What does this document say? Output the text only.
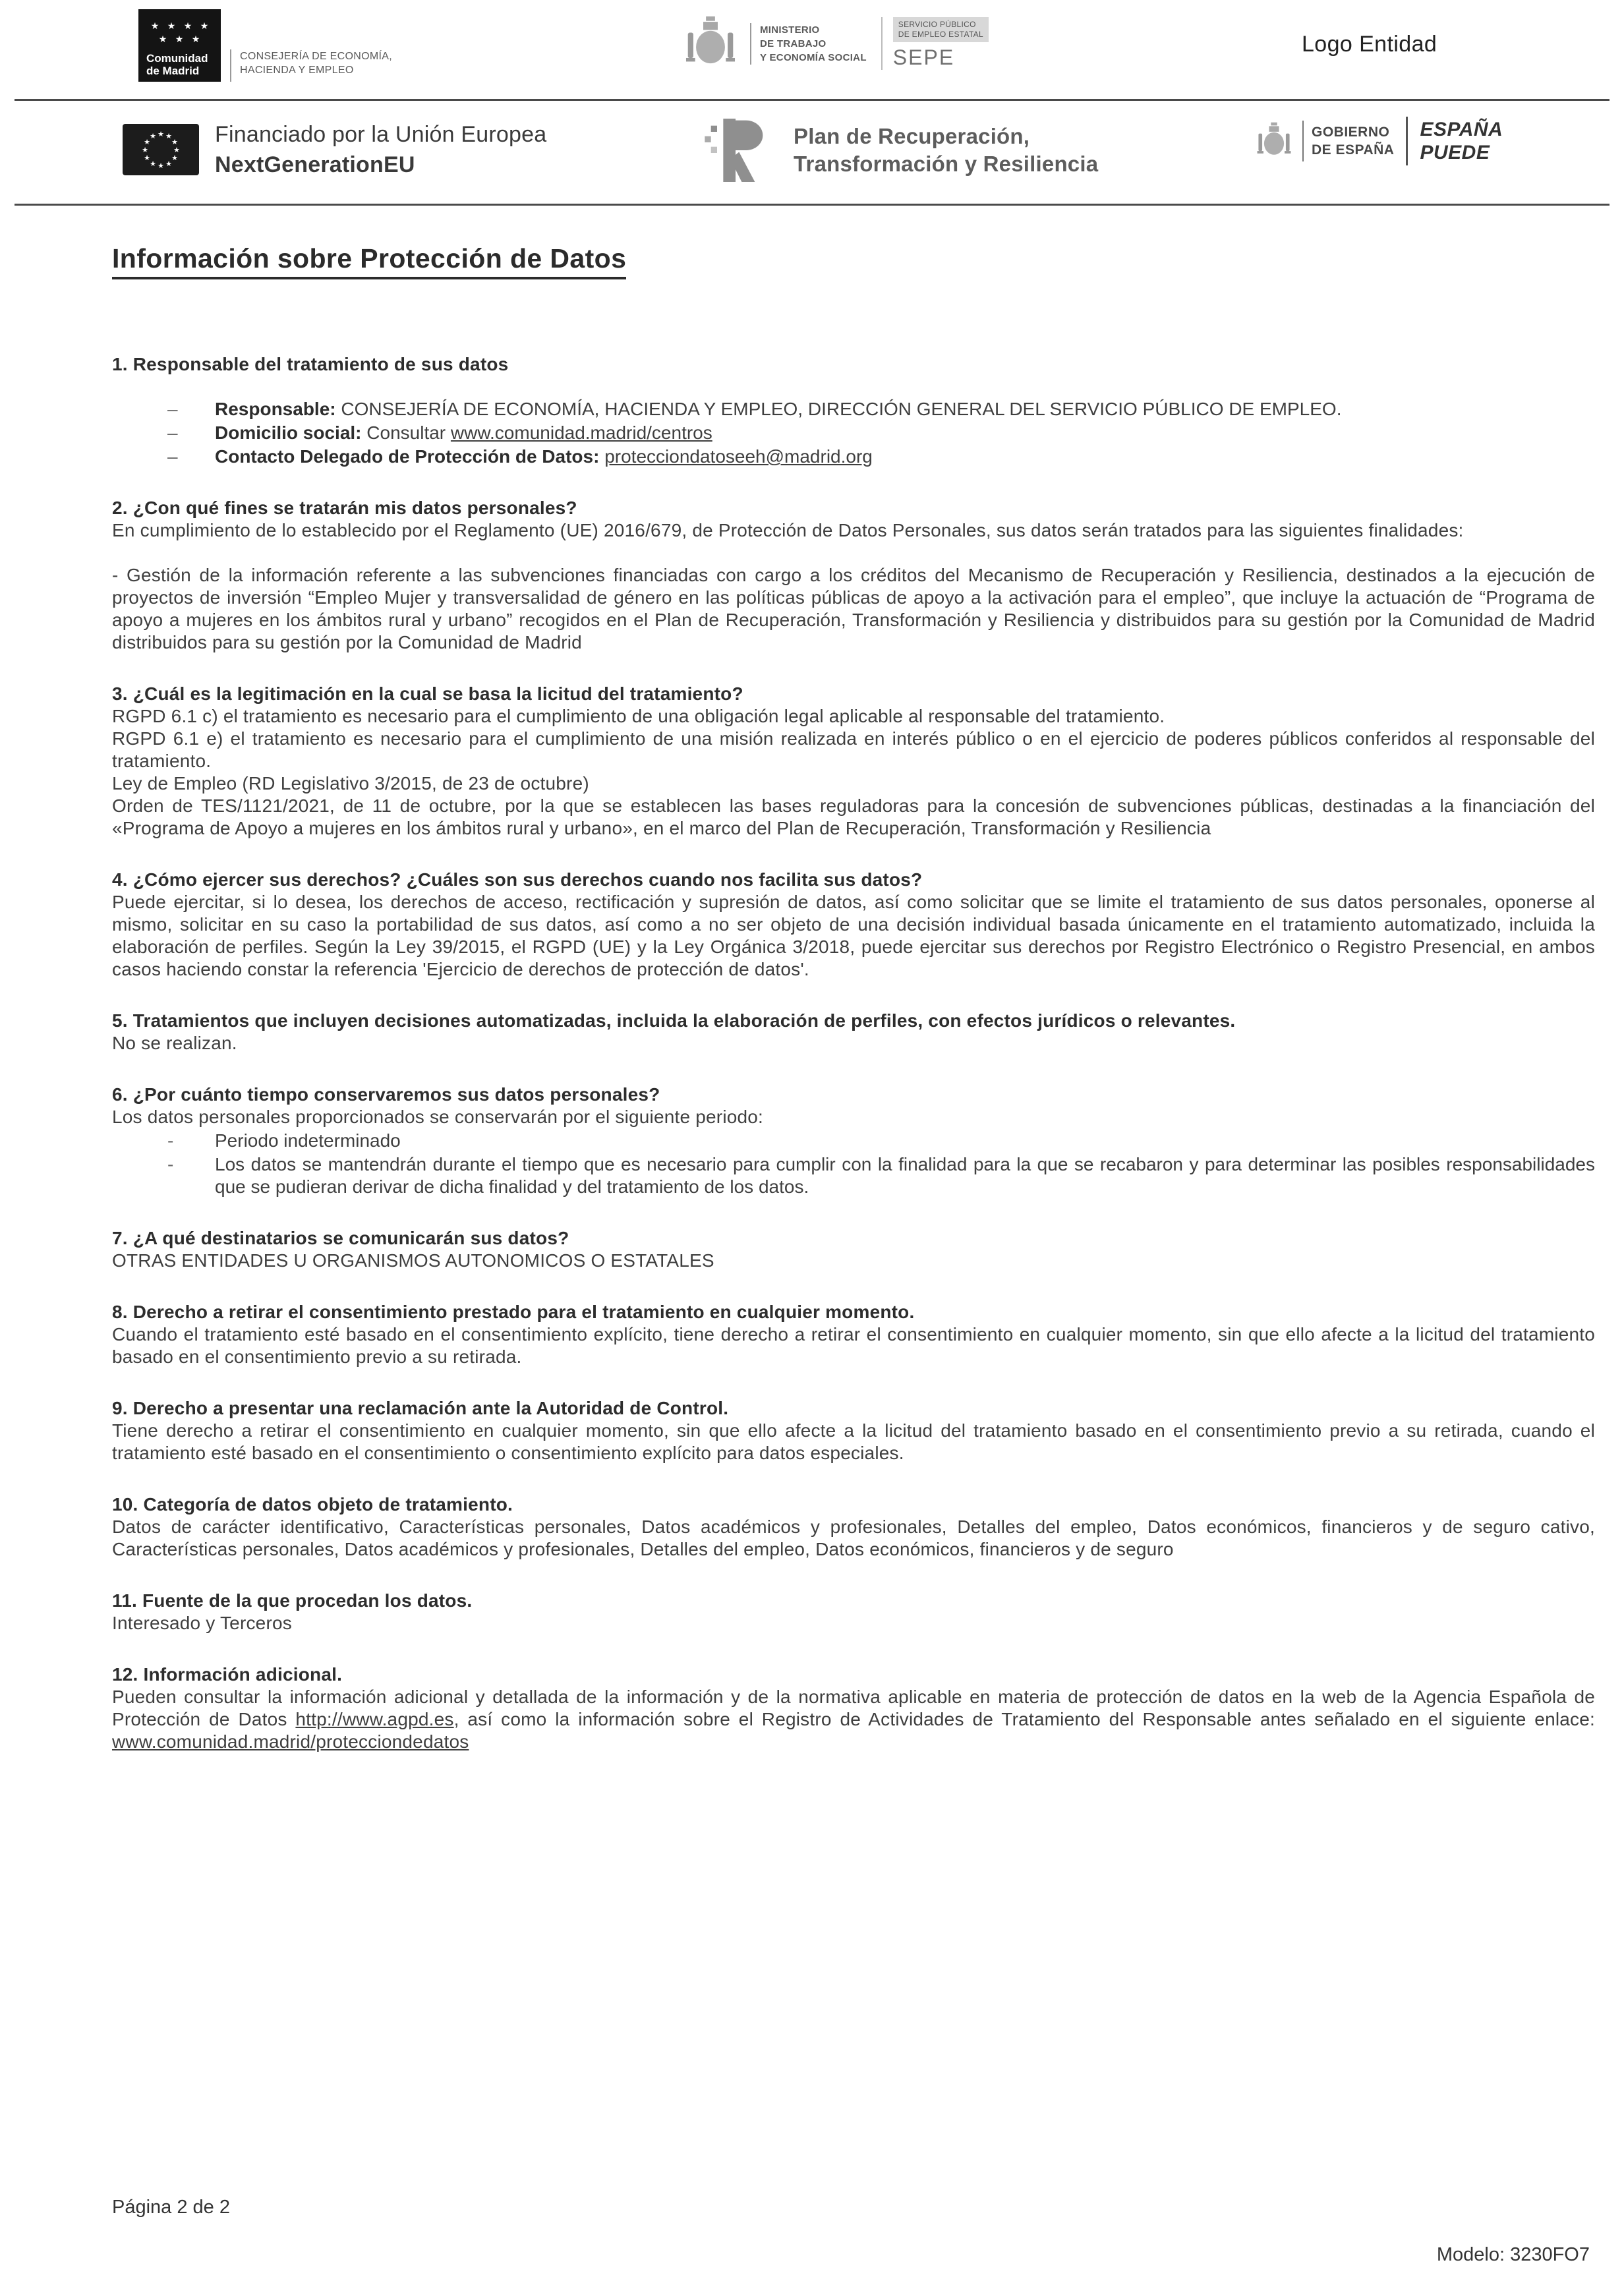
★ ★ ★ ★
★ ★ ★
Comunidad
de Madrid
CONSEJERÍA DE ECONOMÍA,
HACIENDA Y EMPLEO
MINISTERIO
DE TRABAJO
Y ECONOMÍA SOCIAL
SERVICIO PÚBLICO
DE EMPLEO ESTATAL
SEPE
Logo Entidad
★ ★
★
★
★
★
★
★
★
★
★
★	Financiado por la Unión Europea
NextGenerationEU
Plan de Recuperación,
Transformación y Resiliencia
GOBIERNO
DE ESPAÑA
ESPAÑA
PUEDE
Información sobre Protección de Datos
1. Responsable del tratamiento de sus datos
–	Responsable: CONSEJERÍA DE ECONOMÍA, HACIENDA Y EMPLEO, DIRECCIÓN GENERAL DEL SERVICIO PÚBLICO DE EMPLEO.
–	Domicilio social: Consultar www.comunidad.madrid/centros
–	Contacto Delegado de Protección de Datos: protecciondatoseeh@madrid.org
2. ¿Con qué fines se tratarán mis datos personales?

En cumplimiento de lo establecido por el Reglamento (UE) 2016/679, de Protección de Datos Personales, sus datos serán tratados para las siguientes finalidades:

- Gestión de la información referente a las subvenciones financiadas con cargo a los créditos del Mecanismo de Recuperación y Resiliencia, destinados a la ejecución de proyectos de inversión “Empleo Mujer y transversalidad de género en las políticas públicas de apoyo a la activación para el empleo”, que incluye la actuación de “Programa de apoyo a mujeres en los ámbitos rural y urbano” recogidos en el Plan de Recuperación, Transformación y Resiliencia y distribuidos para su gestión por la Comunidad de Madrid distribuidos para su gestión por la Comunidad de Madrid

3. ¿Cuál es la legitimación en la cual se basa la licitud del tratamiento?

RGPD 6.1 c) el tratamiento es necesario para el cumplimiento de una obligación legal aplicable al responsable del tratamiento.

RGPD 6.1 e) el tratamiento es necesario para el cumplimiento de una misión realizada en interés público o en el ejercicio de poderes públicos conferidos al responsable del tratamiento.

Ley de Empleo (RD Legislativo 3/2015, de 23 de octubre)

Orden de TES/1121/2021, de 11 de octubre, por la que se establecen las bases reguladoras para la concesión de subvenciones públicas, destinadas a la financiación del «Programa de Apoyo a mujeres en los ámbitos rural y urbano», en el marco del Plan de Recuperación, Transformación y Resiliencia

4. ¿Cómo ejercer sus derechos? ¿Cuáles son sus derechos cuando nos facilita sus datos?

Puede ejercitar, si lo desea, los derechos de acceso, rectificación y supresión de datos, así como solicitar que se limite el tratamiento de sus datos personales, oponerse al mismo, solicitar en su caso la portabilidad de sus datos, así como a no ser objeto de una decisión individual basada únicamente en el tratamiento automatizado, incluida la elaboración de perfiles. Según la Ley 39/2015, el RGPD (UE) y la Ley Orgánica 3/2018, puede ejercitar sus derechos por Registro Electrónico o Registro Presencial, en ambos casos haciendo constar la referencia 'Ejercicio de derechos de protección de datos'.

5. Tratamientos que incluyen decisiones automatizadas, incluida la elaboración de perfiles, con efectos jurídicos o relevantes.

No se realizan.

6. ¿Por cuánto tiempo conservaremos sus datos personales?

Los datos personales proporcionados se conservarán por el siguiente periodo:

-	Periodo indeterminado
-	Los datos se mantendrán durante el tiempo que es necesario para cumplir con la finalidad para la que se recabaron y para determinar las posibles responsabilidades que se pudieran derivar de dicha finalidad y del tratamiento de los datos.
7. ¿A qué destinatarios se comunicarán sus datos?

OTRAS ENTIDADES U ORGANISMOS AUTONOMICOS O ESTATALES

8. Derecho a retirar el consentimiento prestado para el tratamiento en cualquier momento.

Cuando el tratamiento esté basado en el consentimiento explícito, tiene derecho a retirar el consentimiento en cualquier momento, sin que ello afecte a la licitud del tratamiento basado en el consentimiento previo a su retirada.

9. Derecho a presentar una reclamación ante la Autoridad de Control.

Tiene derecho a retirar el consentimiento en cualquier momento, sin que ello afecte a la licitud del tratamiento basado en el consentimiento previo a su retirada, cuando el tratamiento esté basado en el consentimiento o consentimiento explícito para datos especiales.

10. Categoría de datos objeto de tratamiento.

Datos de carácter identificativo, Características personales, Datos académicos y profesionales, Detalles del empleo, Datos económicos, financieros y de seguro cativo, Características personales, Datos académicos y profesionales, Detalles del empleo, Datos económicos, financieros y de seguro

11. Fuente de la que procedan los datos.

Interesado y Terceros

12. Información adicional.

Pueden consultar la información adicional y detallada de la información y de la normativa aplicable en materia de protección de datos en la web de la Agencia Española de Protección de Datos http://www.agpd.es, así como la información sobre el Registro de Actividades de Tratamiento del Responsable antes señalado en el siguiente enlace: www.comunidad.madrid/protecciondedatos

Página 2 de 2
Modelo: 3230FO7
